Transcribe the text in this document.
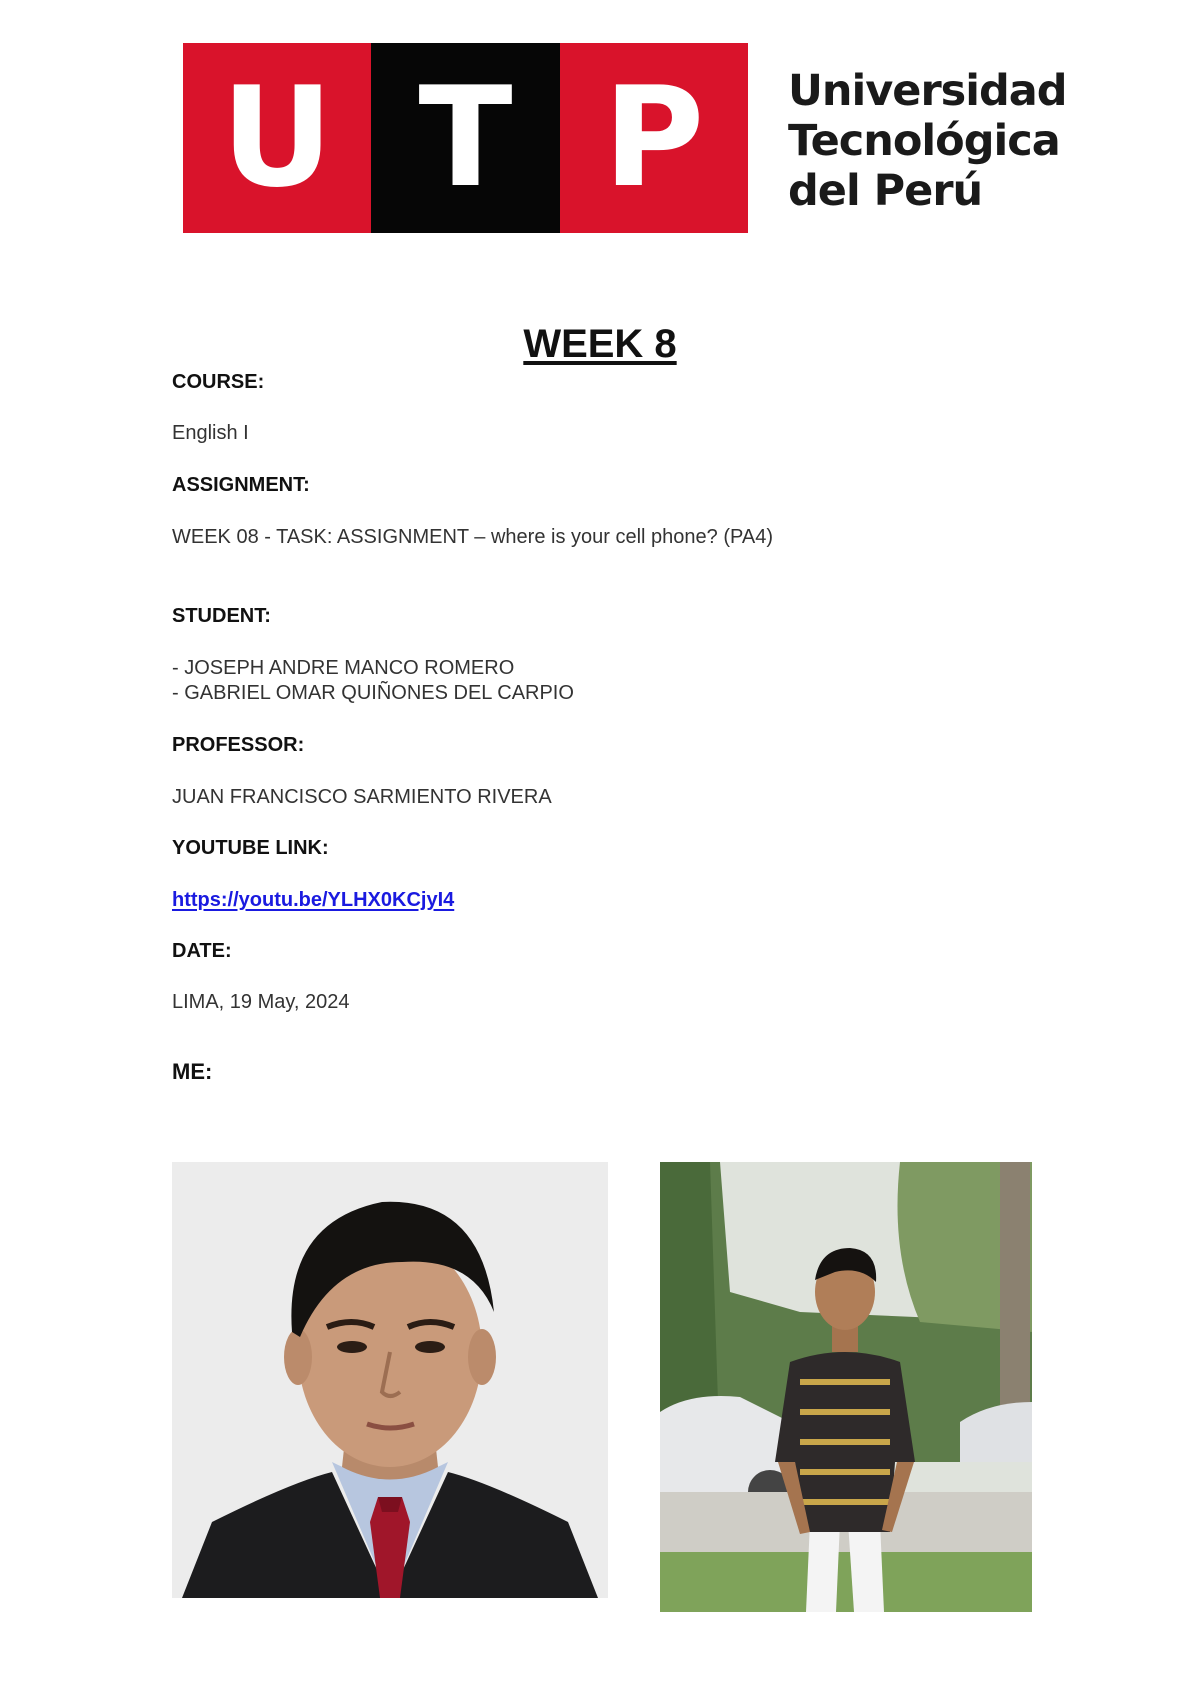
U T P	Universidad
Tecnológica
del Perú
WEEK 8
COURSE:
English I
ASSIGNMENT:
WEEK 08 - TASK: ASSIGNMENT – where is your cell phone? (PA4)
STUDENT:
- JOSEPH ANDRE MANCO ROMERO
- GABRIEL OMAR QUIÑONES DEL CARPIO
PROFESSOR:
JUAN FRANCISCO SARMIENTO RIVERA
YOUTUBE LINK:
https://youtu.be/YLHX0KCjyI4
DATE:
LIMA, 19 May, 2024
ME:
